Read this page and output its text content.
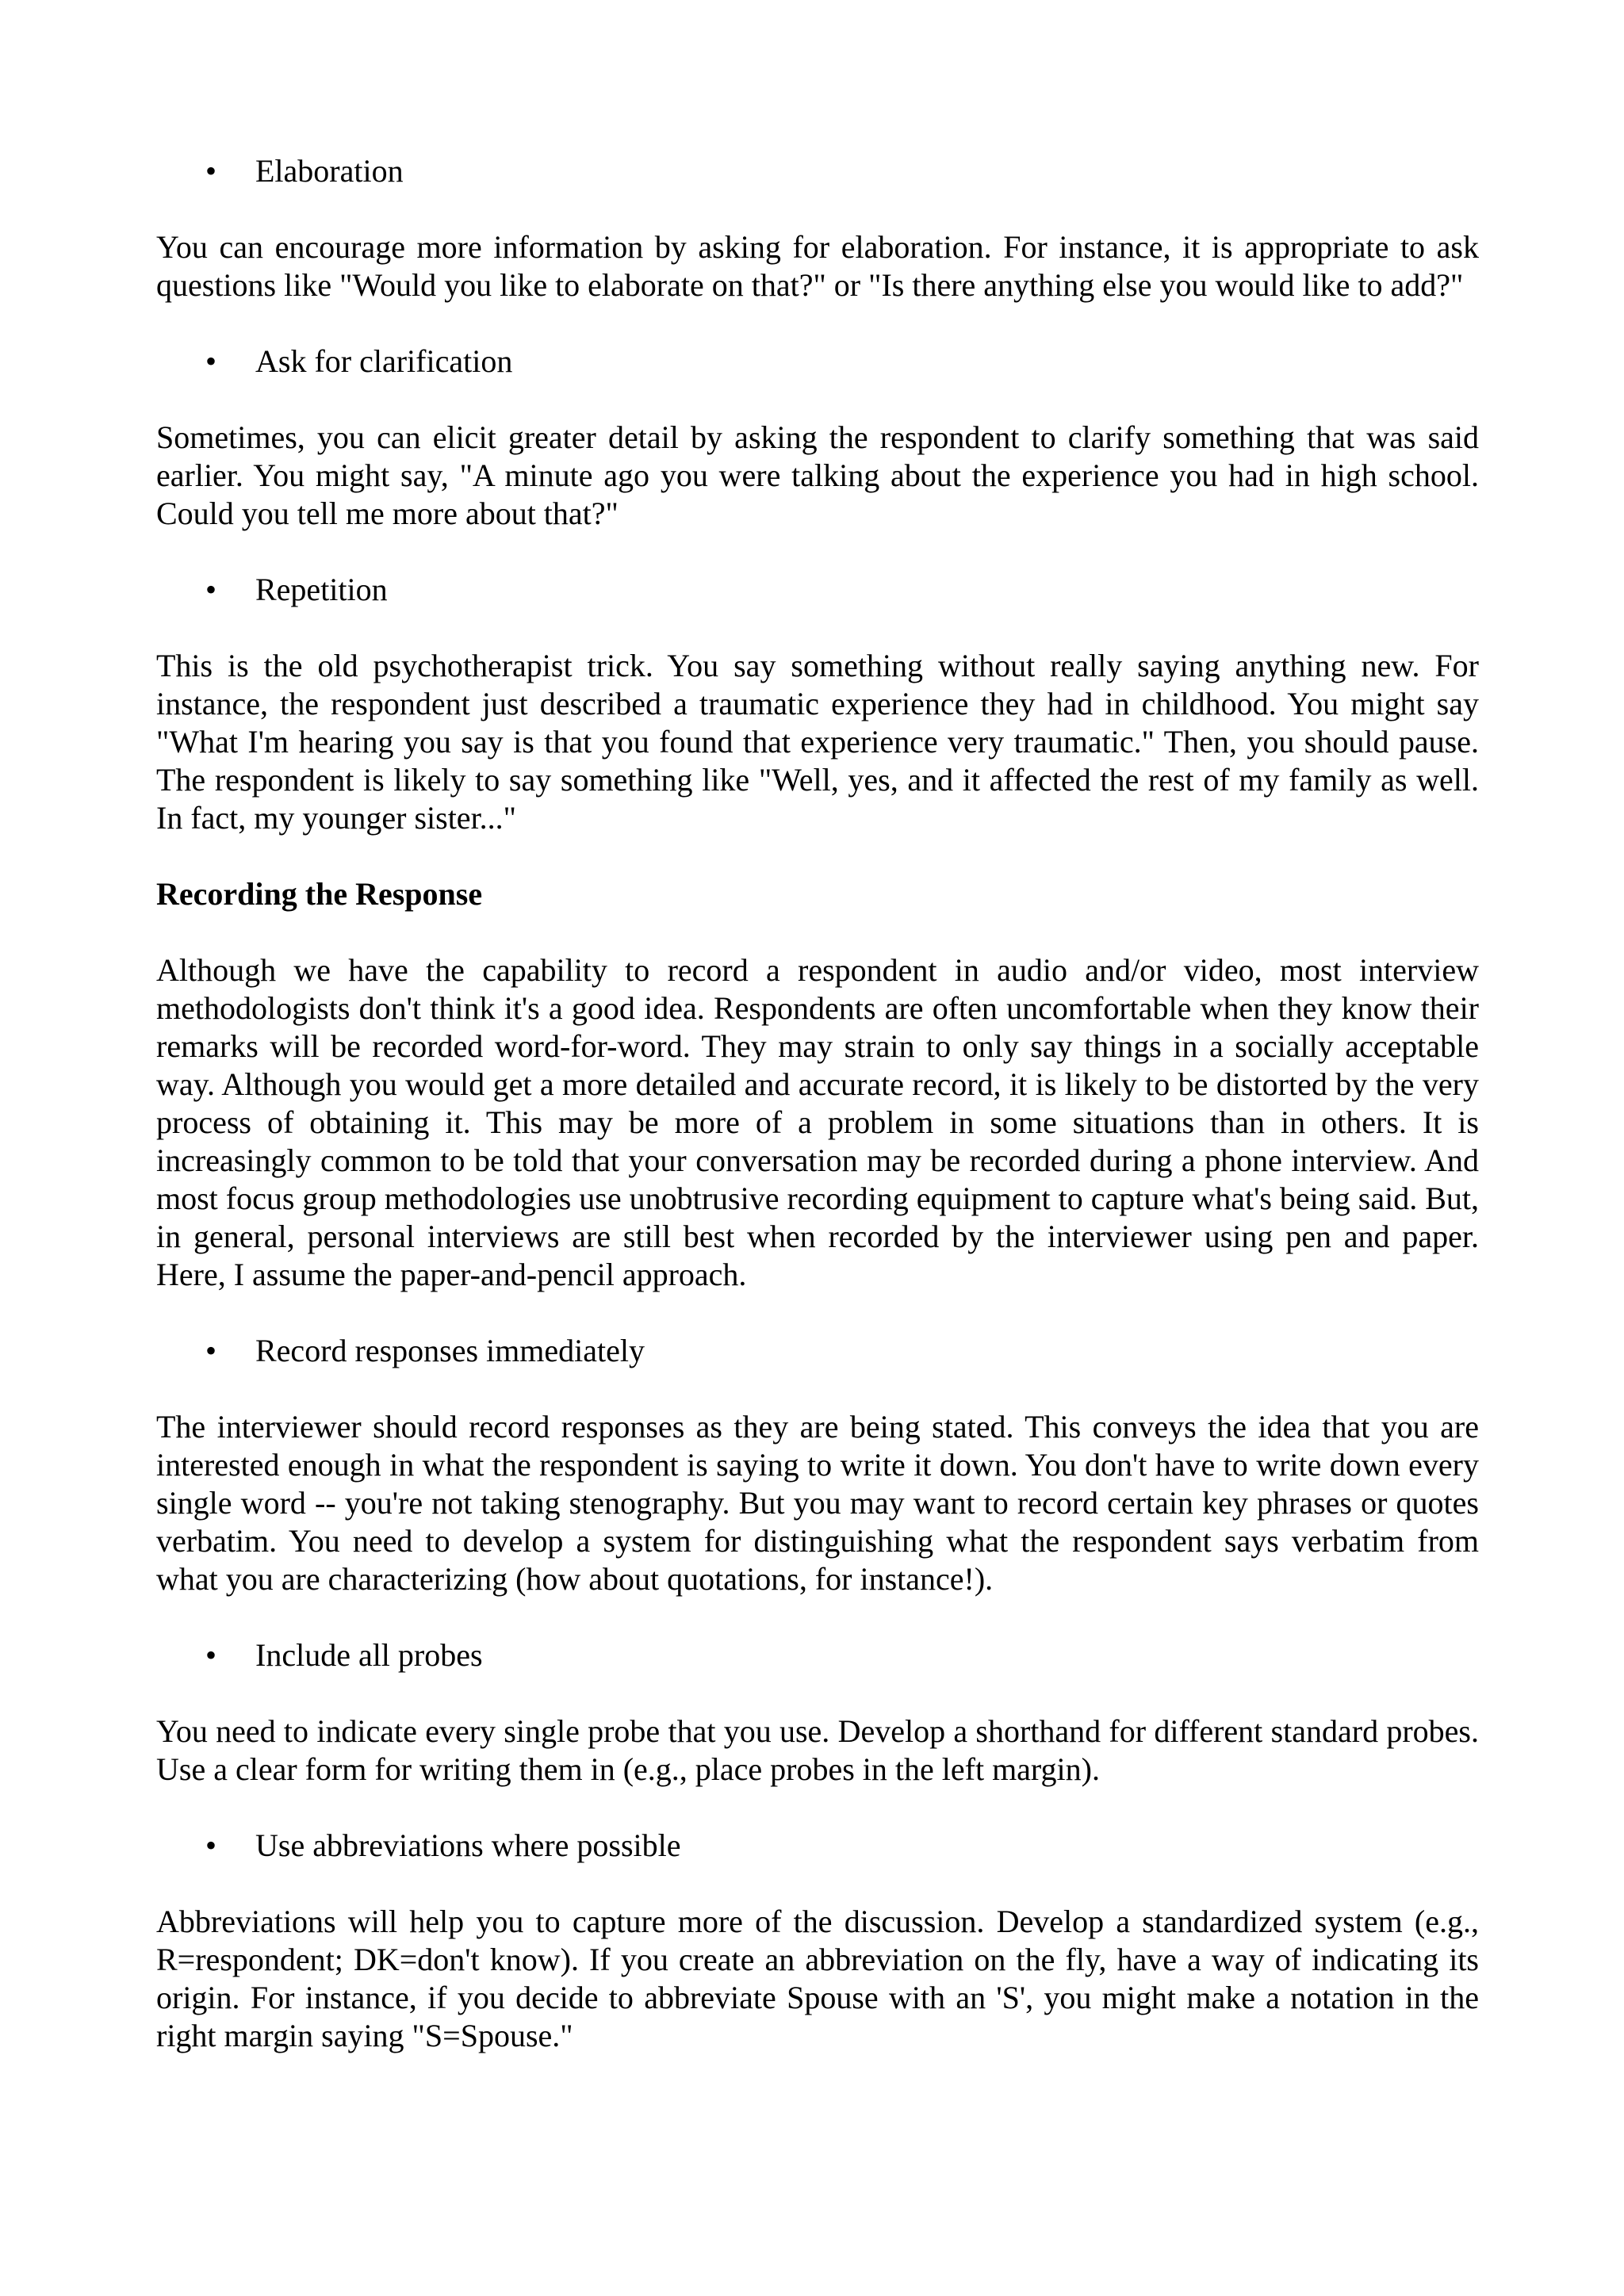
• Elaboration

You can encourage more information by asking for elaboration. For instance, it is appropriate to ask questions like "Would you like to elaborate on that?" or "Is there anything else you would like to add?"

• Ask for clarification

Sometimes, you can elicit greater detail by asking the respondent to clarify something that was said earlier. You might say, "A minute ago you were talking about the experience you had in high school. Could you tell me more about that?"

• Repetition

This is the old psychotherapist trick. You say something without really saying anything new. For instance, the respondent just described a traumatic experience they had in childhood. You might say "What I'm hearing you say is that you found that experience very traumatic." Then, you should pause. The respondent is likely to say something like "Well, yes, and it affected the rest of my family as well. In fact, my younger sister..."

Recording the Response

Although we have the capability to record a respondent in audio and/or video, most interview methodologists don't think it's a good idea. Respondents are often uncomfortable when they know their remarks will be recorded word-for-word. They may strain to only say things in a socially acceptable way. Although you would get a more detailed and accurate record, it is likely to be distorted by the very process of obtaining it. This may be more of a problem in some situations than in others. It is increasingly common to be told that your conversation may be recorded during a phone interview. And most focus group methodologies use unobtrusive recording equipment to capture what's being said. But, in general, personal interviews are still best when recorded by the interviewer using pen and paper. Here, I assume the paper-and-pencil approach.

• Record responses immediately

The interviewer should record responses as they are being stated. This conveys the idea that you are interested enough in what the respondent is saying to write it down. You don't have to write down every single word -- you're not taking stenography. But you may want to record certain key phrases or quotes verbatim. You need to develop a system for distinguishing what the respondent says verbatim from what you are characterizing (how about quotations, for instance!).

• Include all probes

You need to indicate every single probe that you use. Develop a shorthand for different standard probes. Use a clear form for writing them in (e.g., place probes in the left margin).

• Use abbreviations where possible

Abbreviations will help you to capture more of the discussion. Develop a standardized system (e.g., R=respondent; DK=don't know). If you create an abbreviation on the fly, have a way of indicating its origin. For instance, if you decide to abbreviate Spouse with an 'S', you might make a notation in the right margin saying "S=Spouse."
